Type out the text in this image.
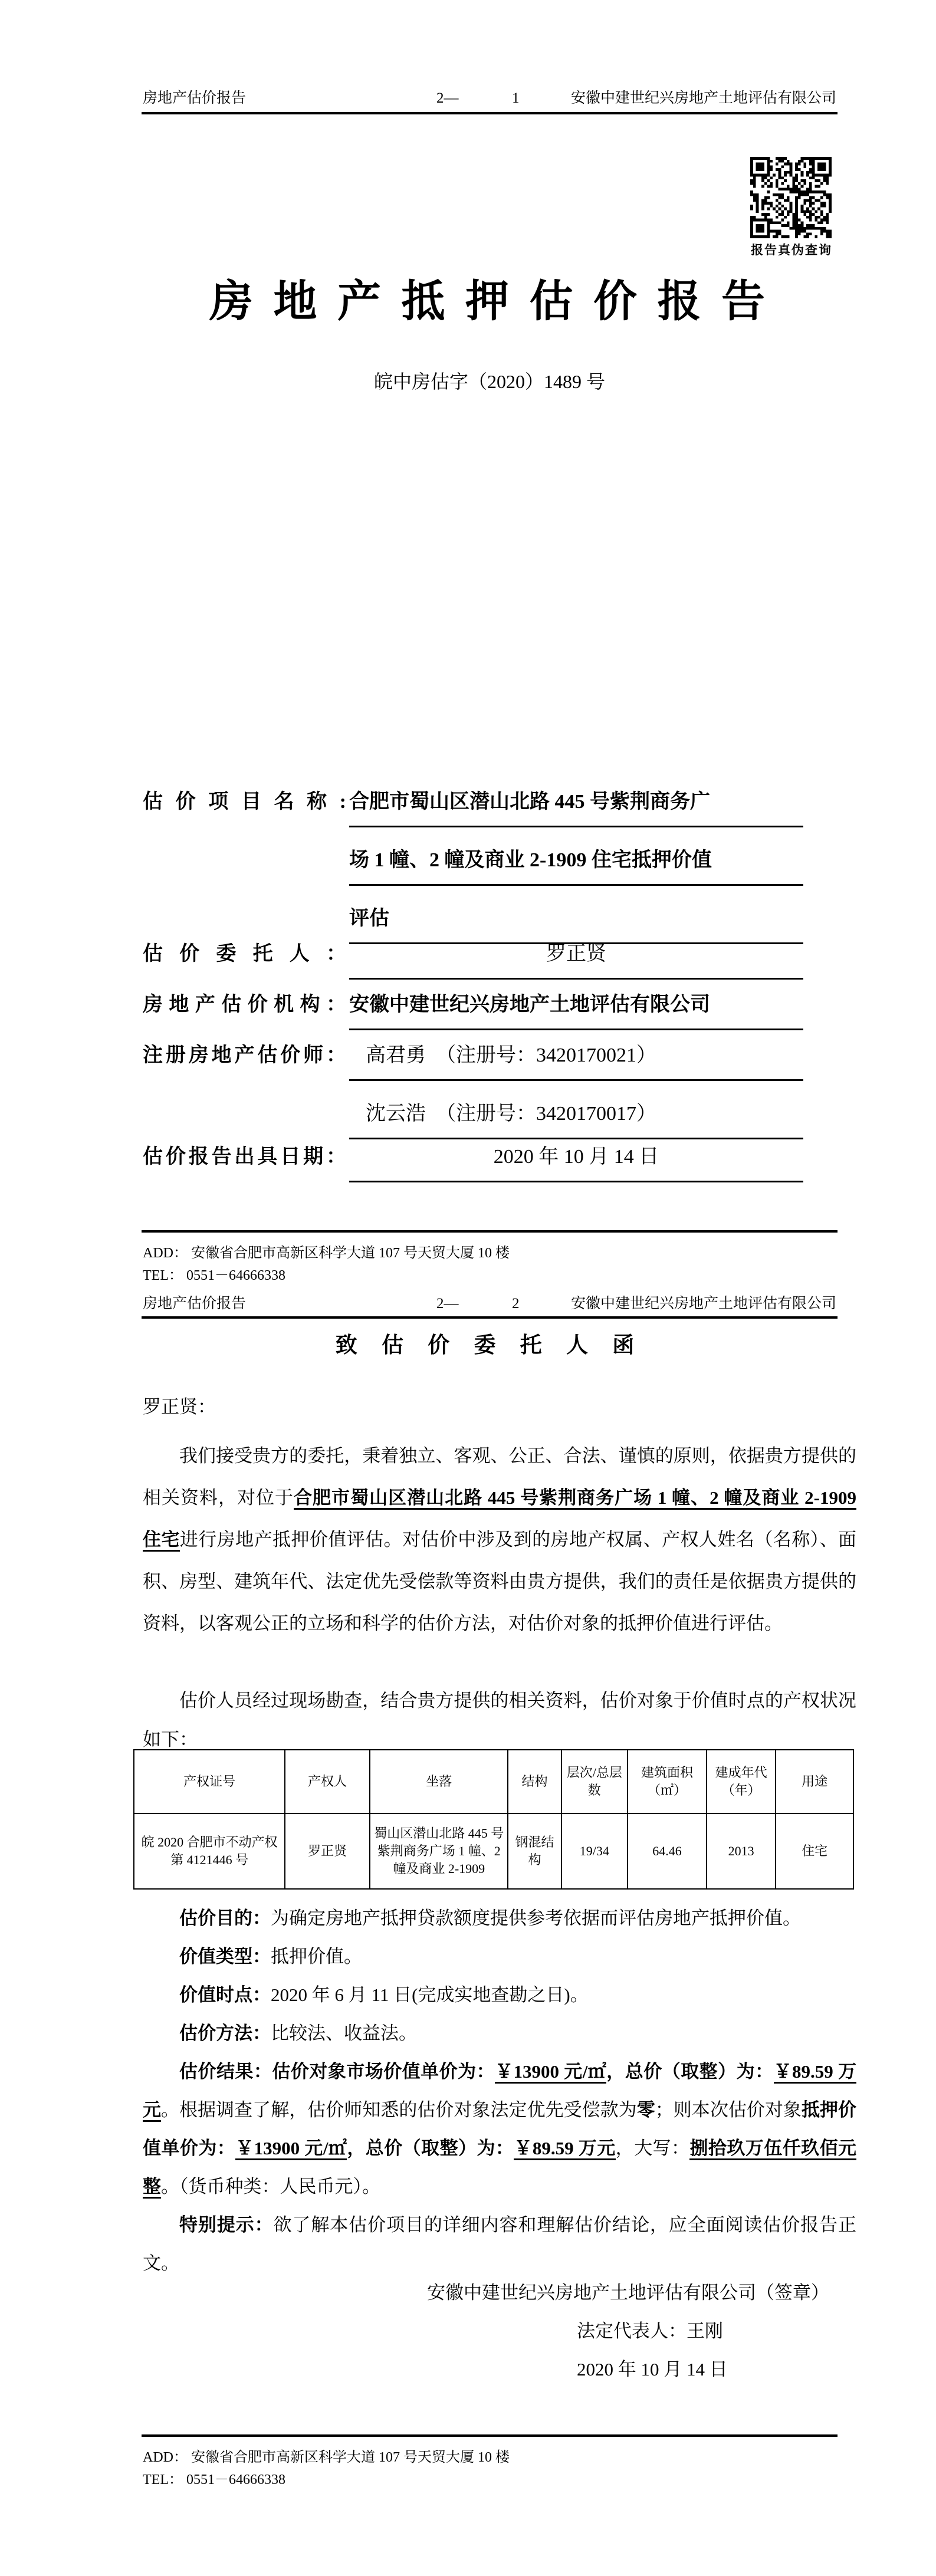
房地产估价报告	2—	1	安徽中建世纪兴房地产土地评估有限公司
报告真伪查询
房 地 产 抵 押 估 价 报 告
皖中房估字（2020）1489 号
估价项目名称: 合肥市蜀山区潜山北路 445 号紫荆商务广
场 1 幢、2 幢及商业 2-1909 住宅抵押价值
评估
估价委托人：	罗正贤
房地产估价机构： 安徽中建世纪兴房地产土地评估有限公司
注册房地产估价师： 高君勇　（注册号：3420170021）
沈云浩　（注册号：3420170017）
估价报告出具日期：	2020 年 10 月 14 日
ADD： 安徽省合肥市高新区科学大道 107 号天贸大厦 10 楼
TEL： 0551－64666338
房地产估价报告	2—	2	安徽中建世纪兴房地产土地评估有限公司
致 估 价 委 托 人 函
罗正贤：
我们接受贵方的委托，秉着独立、客观、公正、合法、谨慎的原则，依据贵方提供的相关资料，对位于合肥市蜀山区潜山北路 445 号紫荆商务广场 1 幢、2 幢及商业 2-1909 住宅进行房地产抵押价值评估。对估价中涉及到的房地产权属、产权人姓名（名称）、面积、房型、建筑年代、法定优先受偿款等资料由贵方提供，我们的责任是依据贵方提供的资料，以客观公正的立场和科学的估价方法，对估价对象的抵押价值进行评估。
估价人员经过现场勘查，结合贵方提供的相关资料，估价对象于价值时点的产权状况如下：
产权证号	产权人	坐落	结构	层次/总层数	建筑面积（㎡）	建成年代（年）	用途
皖 2020 合肥市不动产权第 4121446 号	罗正贤	蜀山区潜山北路 445 号紫荆商务广场 1 幢、2 幢及商业 2-1909	钢混结构	19/34	64.46	2013	住宅

估价目的：为确定房地产抵押贷款额度提供参考依据而评估房地产抵押价值。

价值类型：抵押价值。

价值时点：2020 年 6 月 11 日(完成实地查勘之日)。

估价方法：比较法、收益法。

估价结果：估价对象市场价值单价为：￥13900 元/㎡，总价（取整）为：￥89.59 万元。根据调查了解，估价师知悉的估价对象法定优先受偿款为零；则本次估价对象抵押价值单价为：￥13900 元/㎡，总价（取整）为：￥89.59 万元，大写：捌拾玖万伍仟玖佰元整。（货币种类：人民币元）。

特别提示：欲了解本估价项目的详细内容和理解估价结论，应全面阅读估价报告正文。

安徽中建世纪兴房地产土地评估有限公司（签章）
法定代表人：王刚
2020 年 10 月 14 日
ADD： 安徽省合肥市高新区科学大道 107 号天贸大厦 10 楼
TEL： 0551－64666338
